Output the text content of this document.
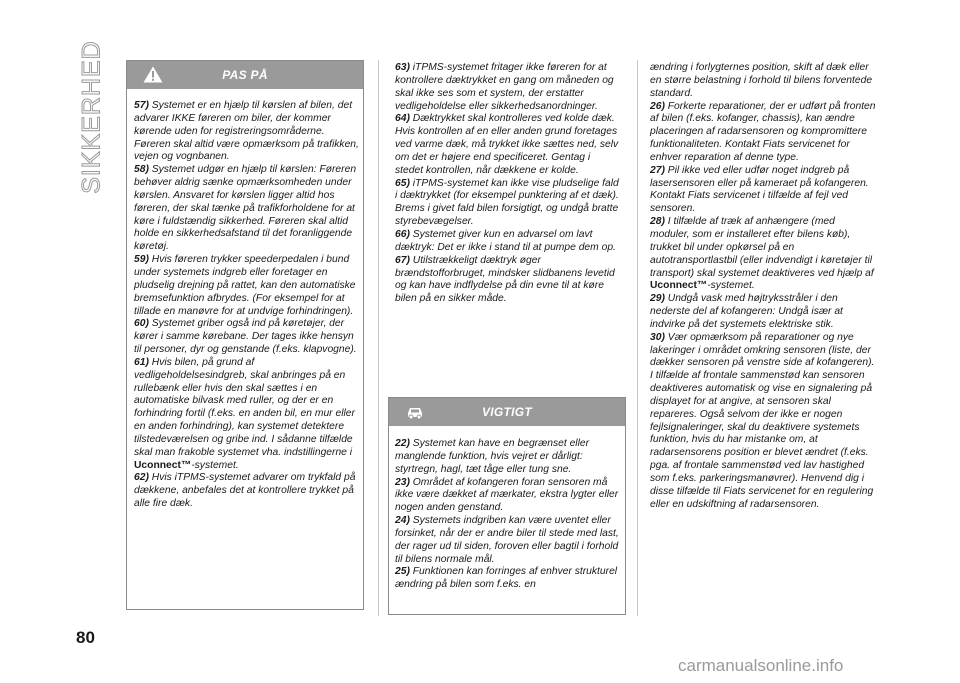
SIKKERHED
80
PAS PÅ

57) Systemet er en hjælp til kørslen af bilen, det advarer IKKE føreren om biler, der kommer kørende uden for registreringsområderne. Føreren skal altid være opmærksom på trafikken, vejen og vognbanen.

58) Systemet udgør en hjælp til kørslen: Føreren behøver aldrig sænke opmærksomheden under kørslen. Ansvaret for kørslen ligger altid hos føreren, der skal tænke på trafikforholdene for at køre i fuldstændig sikkerhed. Føreren skal altid holde en sikkerhedsafstand til det foranliggende køretøj.

59) Hvis føreren trykker speederpedalen i bund under systemets indgreb eller foretager en pludselig drejning på rattet, kan den automatiske bremsefunktion afbrydes. (For eksempel for at tillade en manøvre for at undvige forhindringen).

60) Systemet griber også ind på køretøjer, der kører i samme kørebane. Der tages ikke hensyn til personer, dyr og genstande (f.eks. klapvogne).

61) Hvis bilen, på grund af vedligeholdelsesindgreb, skal anbringes på en rullebænk eller hvis den skal sættes i en automatiske bilvask med ruller, og der er en forhindring fortil (f.eks. en anden bil, en mur eller en anden forhindring), kan systemet detektere tilstedeværelsen og gribe ind. I sådanne tilfælde skal man frakoble systemet vha. indstillingerne i Uconnect™-systemet.

62) Hvis iTPMS-systemet advarer om trykfald på dækkene, anbefales det at kontrollere trykket på alle fire dæk.

63) iTPMS-systemet fritager ikke føreren for at kontrollere dæktrykket en gang om måneden og skal ikke ses som et system, der erstatter vedligeholdelse eller sikkerhedsanordninger.

64) Dæktrykket skal kontrolleres ved kolde dæk. Hvis kontrollen af en eller anden grund foretages ved varme dæk, må trykket ikke sættes ned, selv om det er højere end specificeret. Gentag i stedet kontrollen, når dækkene er kolde.

65) iTPMS-systemet kan ikke vise pludselige fald i dæktrykket (for eksempel punktering af et dæk). Brems i givet fald bilen forsigtigt, og undgå bratte styrebevægelser.

66) Systemet giver kun en advarsel om lavt dæktryk: Det er ikke i stand til at pumpe dem op.

67) Utilstrækkeligt dæktryk øger brændstofforbruget, mindsker slidbanens levetid og kan have indflydelse på din evne til at køre bilen på en sikker måde.

VIGTIGT

22) Systemet kan have en begrænset eller manglende funktion, hvis vejret er dårligt: styrtregn, hagl, tæt tåge eller tung sne.

23) Området af kofangeren foran sensoren må ikke være dækket af mærkater, ekstra lygter eller nogen anden genstand.

24) Systemets indgriben kan være uventet eller forsinket, når der er andre biler til stede med last, der rager ud til siden, foroven eller bagtil i forhold til bilens normale mål.

25) Funktionen kan forringes af enhver strukturel ændring på bilen som f.eks. en

ændring i forlygternes position, skift af dæk eller en større belastning i forhold til bilens forventede standard.

26) Forkerte reparationer, der er udført på fronten af bilen (f.eks. kofanger, chassis), kan ændre placeringen af radarsensoren og kompromittere funktionaliteten. Kontakt Fiats servicenet for enhver reparation af denne type.

27) Pil ikke ved eller udfør noget indgreb på lasersensoren eller på kameraet på kofangeren. Kontakt Fiats servicenet i tilfælde af fejl ved sensoren.

28) I tilfælde af træk af anhængere (med moduler, som er installeret efter bilens køb), trukket bil under opkørsel på en autotransportlastbil (eller indvendigt i køretøjer til transport) skal systemet deaktiveres ved hjælp af Uconnect™-systemet.

29) Undgå vask med højtryksstråler i den nederste del af kofangeren: Undgå især at indvirke på det systemets elektriske stik.

30) Vær opmærksom på reparationer og nye lakeringer i området omkring sensoren (liste, der dækker sensoren på venstre side af kofangeren). I tilfælde af frontale sammenstød kan sensoren deaktiveres automatisk og vise en signalering på displayet for at angive, at sensoren skal repareres. Også selvom der ikke er nogen fejlsignaleringer, skal du deaktivere systemets funktion, hvis du har mistanke om, at radarsensorens position er blevet ændret (f.eks. pga. af frontale sammenstød ved lav hastighed som f.eks. parkeringsmanøvrer). Henvend dig i disse tilfælde til Fiats servicenet for en regulering eller en udskiftning af radarsensoren.

carmanualsonline.info
